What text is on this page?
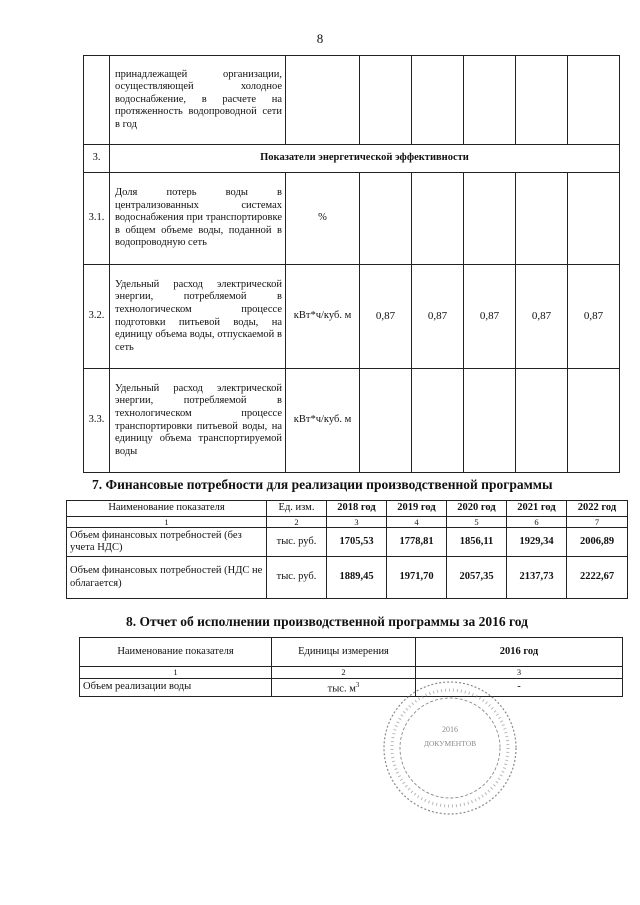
8
	принадлежащей организации, осуществляющей холодное водоснабжение, в расчете на протяженность водопроводной сети в год						
3.	Показатели энергетической эффективности						
3.1.	Доля потерь воды в централизованных системах водоснабжения при транспортировке в общем объеме воды, поданной в водопроводную сеть	%					
3.2.	Удельный расход электрической энергии, потребляемой в технологическом процессе подготовки питьевой воды, на единицу объема воды, отпускаемой в сеть	кВт*ч/куб. м	0,87	0,87	0,87	0,87	0,87
3.3.	Удельный расход электрической энергии, потребляемой в технологическом процессе транспортировки питьевой воды, на единицу объема транспортируемой воды	кВт*ч/куб. м					
7. Финансовые потребности для реализации производственной программы
Наименование показателя	Ед. изм.	2018 год	2019 год	2020 год	2021 год	2022 год
1	2	3	4	5	6	7
Объем финансовых потребностей (без учета НДС)	тыс. руб.	1705,53	1778,81	1856,11	1929,34	2006,89
Объем финансовых потребностей (НДС не облагается)	тыс. руб.	1889,45	1971,70	2057,35	2137,73	2222,67
8. Отчет об исполнении производственной программы за 2016 год
Наименование показателя	Единицы измерения	2016 год
1	2	3
Объем реализации воды	тыс. $м^3$	-
2016
ДОКУМЕНТОВ
